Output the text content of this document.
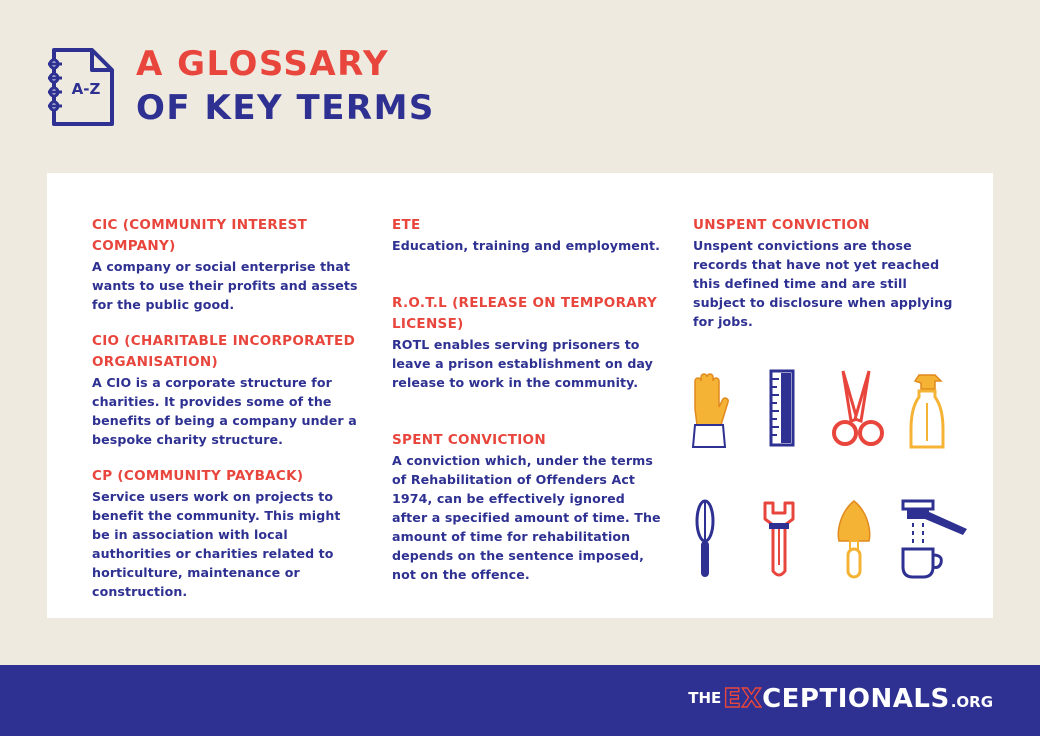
A-Z
A GLOSSARY
OF KEY TERMS
CIC (COMMUNITY INTEREST COMPANY)
A company or social enterprise that wants to use their profits and assets for the public good.
CIO (CHARITABLE INCORPORATED ORGANISATION)
A CIO is a corporate structure for charities. It provides some of the benefits of being a company under a bespoke charity structure.
CP (COMMUNITY PAYBACK)
Service users work on projects to benefit the community. This might be in association with local authorities or charities related to horticulture, maintenance or construction.
ETE
Education, training and employment.
R.O.T.L (RELEASE ON TEMPORARY LICENSE)
ROTL enables serving prisoners to leave a prison establishment on day release to work in the community.
SPENT CONVICTION
A conviction which, under the terms of Rehabilitation of Offenders Act 1974, can be effectively ignored after a specified amount of time. The amount of time for rehabilitation depends on the sentence imposed, not on the offence.
UNSPENT CONVICTION
Unspent convictions are those records that have not yet reached this defined time and are still subject to disclosure when applying for jobs.
THE EX CEPTIONALS .ORG
